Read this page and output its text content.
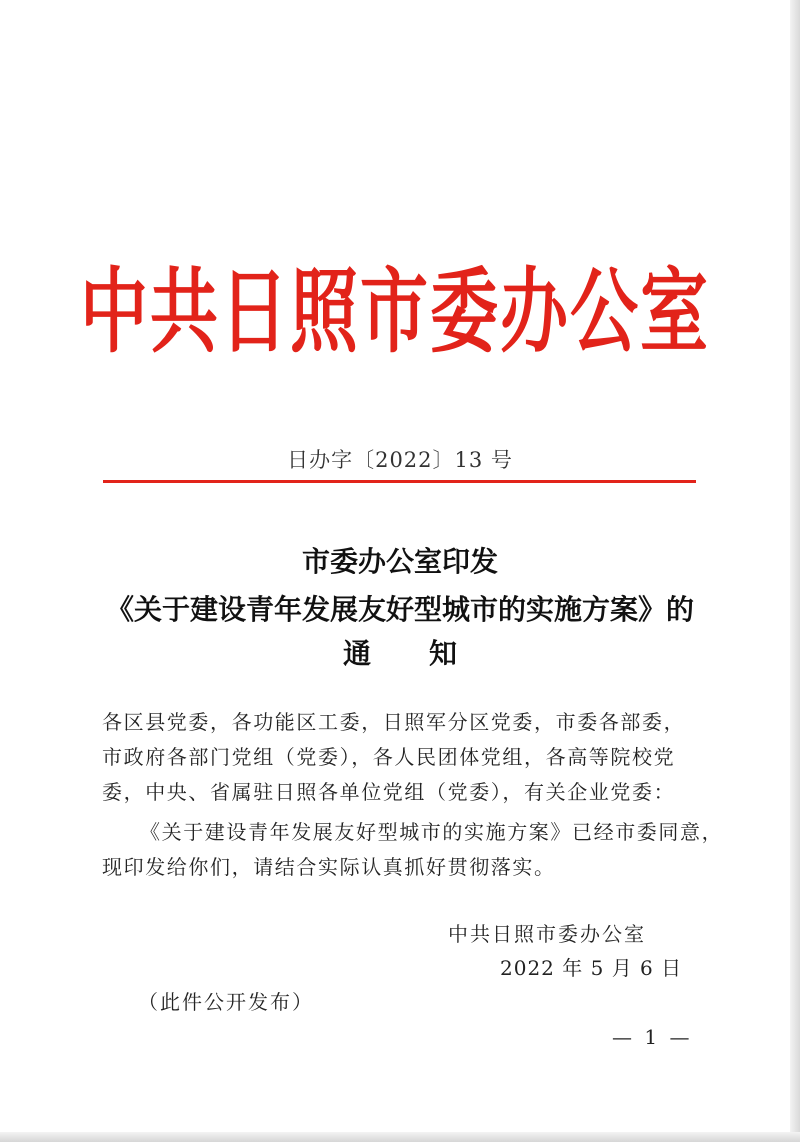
中共日照市委办公室
日办字〔2022〕13 号
市委办公室印发
《关于建设青年发展友好型城市的实施方案》的
通知
各区县党委，各功能区工委，日照军分区党委，市委各部委，
市政府各部门党组（党委），各人民团体党组，各高等院校党
委，中央、省属驻日照各单位党组（党委），有关企业党委：
《关于建设青年发展友好型城市的实施方案》已经市委同意，
现印发给你们，请结合实际认真抓好贯彻落实。
中共日照市委办公室
2022 年 5 月 6 日
（此件公开发布）
— 1 —
